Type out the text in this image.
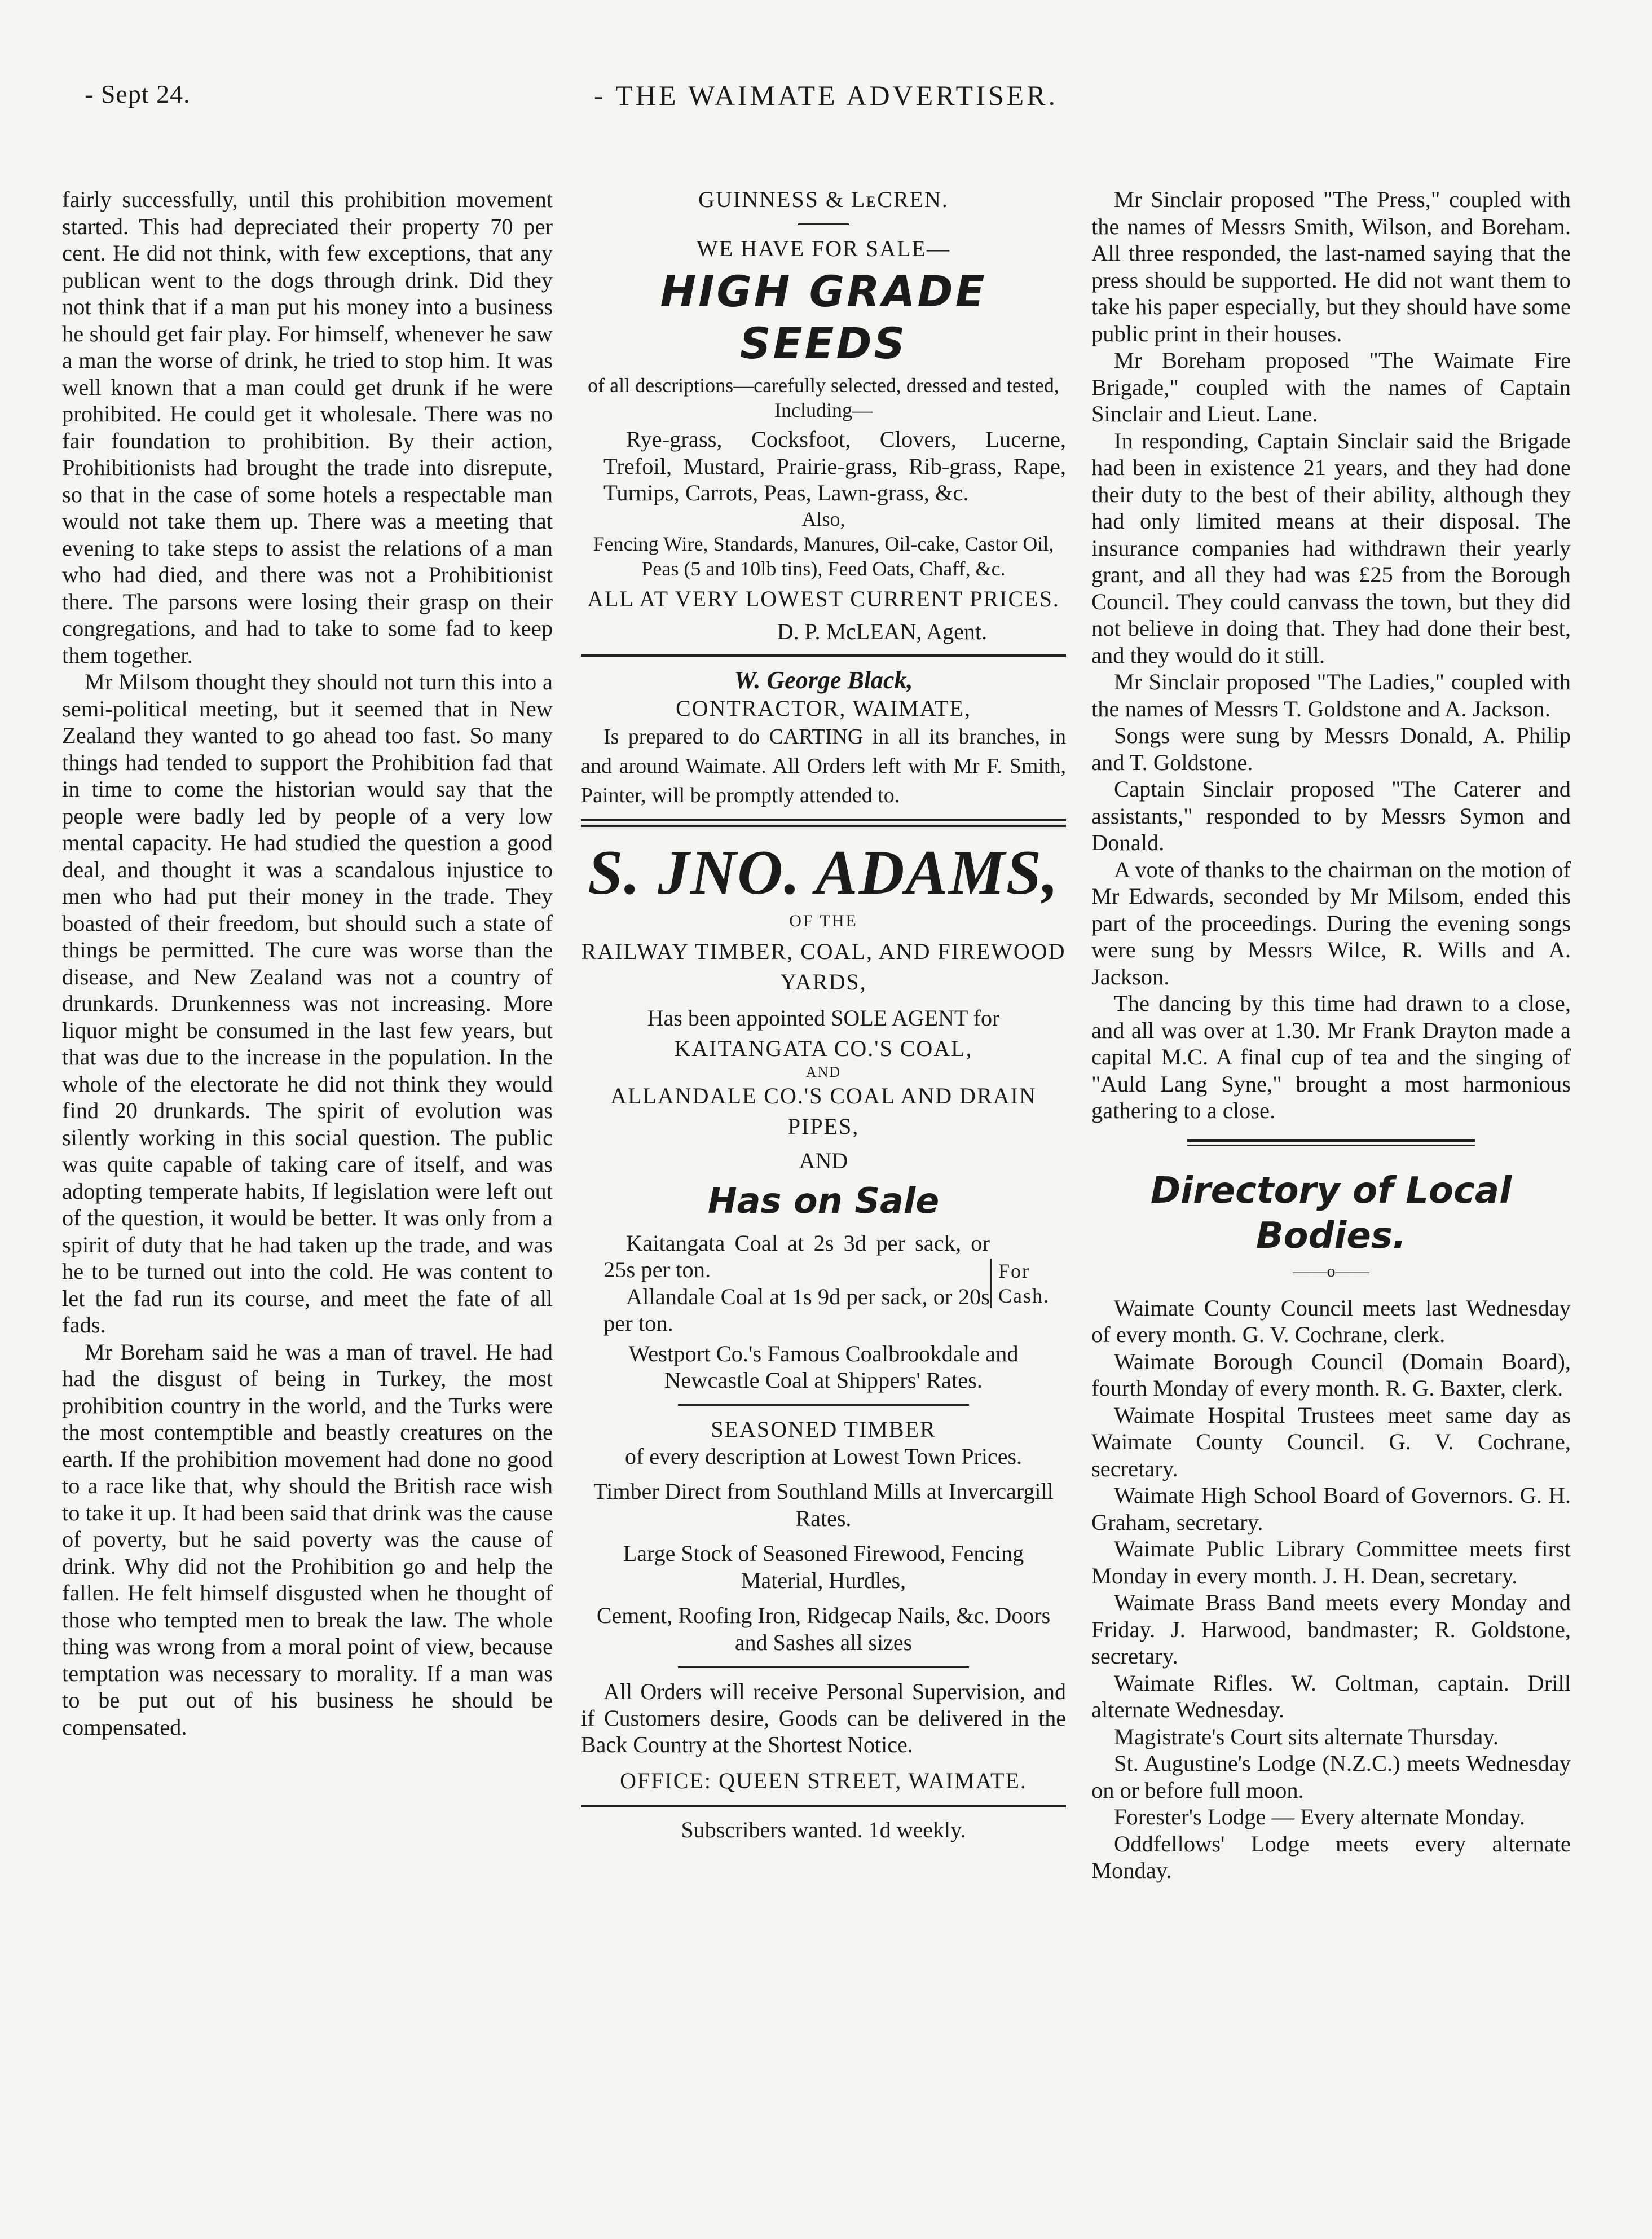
- Sept 24.	- THE WAIMATE ADVERTISER.

fairly successfully, until this prohibition movement started. This had depreciated their property 70 per cent. He did not think, with few exceptions, that any publican went to the dogs through drink. Did they not think that if a man put his money into a business he should get fair play. For himself, whenever he saw a man the worse of drink, he tried to stop him. It was well known that a man could get drunk if he were prohibited. He could get it wholesale. There was no fair foundation to prohibition. By their action, Prohibitionists had brought the trade into disrepute, so that in the case of some hotels a respectable man would not take them up. There was a meeting that evening to take steps to assist the relations of a man who had died, and there was not a Prohibitionist there. The parsons were losing their grasp on their congregations, and had to take to some fad to keep them together.

Mr Milsom thought they should not turn this into a semi-political meeting, but it seemed that in New Zealand they wanted to go ahead too fast. So many things had tended to support the Prohibition fad that in time to come the historian would say that the people were badly led by people of a very low mental capacity. He had studied the question a good deal, and thought it was a scandalous injustice to men who had put their money in the trade. They boasted of their freedom, but should such a state of things be permitted. The cure was worse than the disease, and New Zealand was not a country of drunkards. Drunkenness was not increasing. More liquor might be consumed in the last few years, but that was due to the increase in the population. In the whole of the electorate he did not think they would find 20 drunkards. The spirit of evolution was silently working in this social question. The public was quite capable of taking care of itself, and was adopting temperate habits, If legislation were left out of the question, it would be better. It was only from a spirit of duty that he had taken up the trade, and was he to be turned out into the cold. He was content to let the fad run its course, and meet the fate of all fads.

Mr Boreham said he was a man of travel. He had had the disgust of being in Turkey, the most prohibition country in the world, and the Turks were the most contemptible and beastly creatures on the earth. If the prohibition movement had done no good to a race like that, why should the British race wish to take it up. It had been said that drink was the cause of poverty, but he said poverty was the cause of drink. Why did not the Prohibition go and help the fallen. He felt himself disgusted when he thought of those who tempted men to break the law. The whole thing was wrong from a moral point of view, because temptation was necessary to morality. If a man was to be put out of his business he should be compensated.

GUINNESS & LᴇCREN.
WE HAVE FOR SALE—
HIGH GRADE SEEDS
of all descriptions—carefully selected, dressed and tested, Including—

Rye-grass, Cocksfoot, Clovers, Lucerne, Trefoil, Mustard, Prairie-grass, Rib-grass, Rape, Turnips, Carrots, Peas, Lawn-grass, &c.

Also,
Fencing Wire, Standards, Manures, Oil-cake, Castor Oil, Peas (5 and 10lb tins), Feed Oats, Chaff, &c.
ALL AT VERY LOWEST CURRENT PRICES.
D. P. McLEAN, Agent.
W. George Black,
CONTRACTOR, WAIMATE,

Is prepared to do CARTING in all its branches, in and around Waimate. All Orders left with Mr F. Smith, Painter, will be promptly attended to.

S. JNO. ADAMS,
OF THE
RAILWAY TIMBER, COAL, AND FIREWOOD YARDS,
Has been appointed SOLE AGENT for
KAITANGATA CO.'S COAL,
AND
ALLANDALE CO.'S COAL AND DRAIN PIPES,
AND
Has on Sale

Kaitangata Coal at 2s 3d per sack, or 25s per ton.

Allandale Coal at 1s 9d per sack, or 20s per ton.

For Cash.

Westport Co.'s Famous Coalbrookdale and Newcastle Coal at Shippers' Rates.

SEASONED TIMBER
of every description at Lowest Town Prices.
Timber Direct from Southland Mills at Invercargill Rates.
Large Stock of Seasoned Firewood, Fencing Material, Hurdles,
Cement, Roofing Iron, Ridgecap Nails, &c. Doors and Sashes all sizes

All Orders will receive Personal Supervision, and if Customers desire, Goods can be delivered in the Back Country at the Shortest Notice.

OFFICE: QUEEN STREET, WAIMATE.
Subscribers wanted. 1d weekly.

Mr Sinclair proposed "The Press," coupled with the names of Messrs Smith, Wilson, and Boreham. All three responded, the last-named saying that the press should be supported. He did not want them to take his paper especially, but they should have some public print in their houses.

Mr Boreham proposed "The Waimate Fire Brigade," coupled with the names of Captain Sinclair and Lieut. Lane.

In responding, Captain Sinclair said the Brigade had been in existence 21 years, and they had done their duty to the best of their ability, although they had only limited means at their disposal. The insurance companies had withdrawn their yearly grant, and all they had was £25 from the Borough Council. They could canvass the town, but they did not believe in doing that. They had done their best, and they would do it still.

Mr Sinclair proposed "The Ladies," coupled with the names of Messrs T. Goldstone and A. Jackson.

Songs were sung by Messrs Donald, A. Philip and T. Goldstone.

Captain Sinclair proposed "The Caterer and assistants," responded to by Messrs Symon and Donald.

A vote of thanks to the chairman on the motion of Mr Edwards, seconded by Mr Milsom, ended this part of the proceedings. During the evening songs were sung by Messrs Wilce, R. Wills and A. Jackson.

The dancing by this time had drawn to a close, and all was over at 1.30. Mr Frank Drayton made a capital M.C. A final cup of tea and the singing of "Auld Lang Syne," brought a most harmonious gathering to a close.

Directory of Local Bodies.
——o——

Waimate County Council meets last Wednesday of every month. G. V. Cochrane, clerk.

Waimate Borough Council (Domain Board), fourth Monday of every month. R. G. Baxter, clerk.

Waimate Hospital Trustees meet same day as Waimate County Council. G. V. Cochrane, secretary.

Waimate High School Board of Governors. G. H. Graham, secretary.

Waimate Public Library Committee meets first Monday in every month. J. H. Dean, secretary.

Waimate Brass Band meets every Monday and Friday. J. Harwood, bandmaster; R. Goldstone, secretary.

Waimate Rifles. W. Coltman, captain. Drill alternate Wednesday.

Magistrate's Court sits alternate Thursday.

St. Augustine's Lodge (N.Z.C.) meets Wednesday on or before full moon.

Forester's Lodge — Every alternate Monday.

Oddfellows' Lodge meets every alternate Monday.
